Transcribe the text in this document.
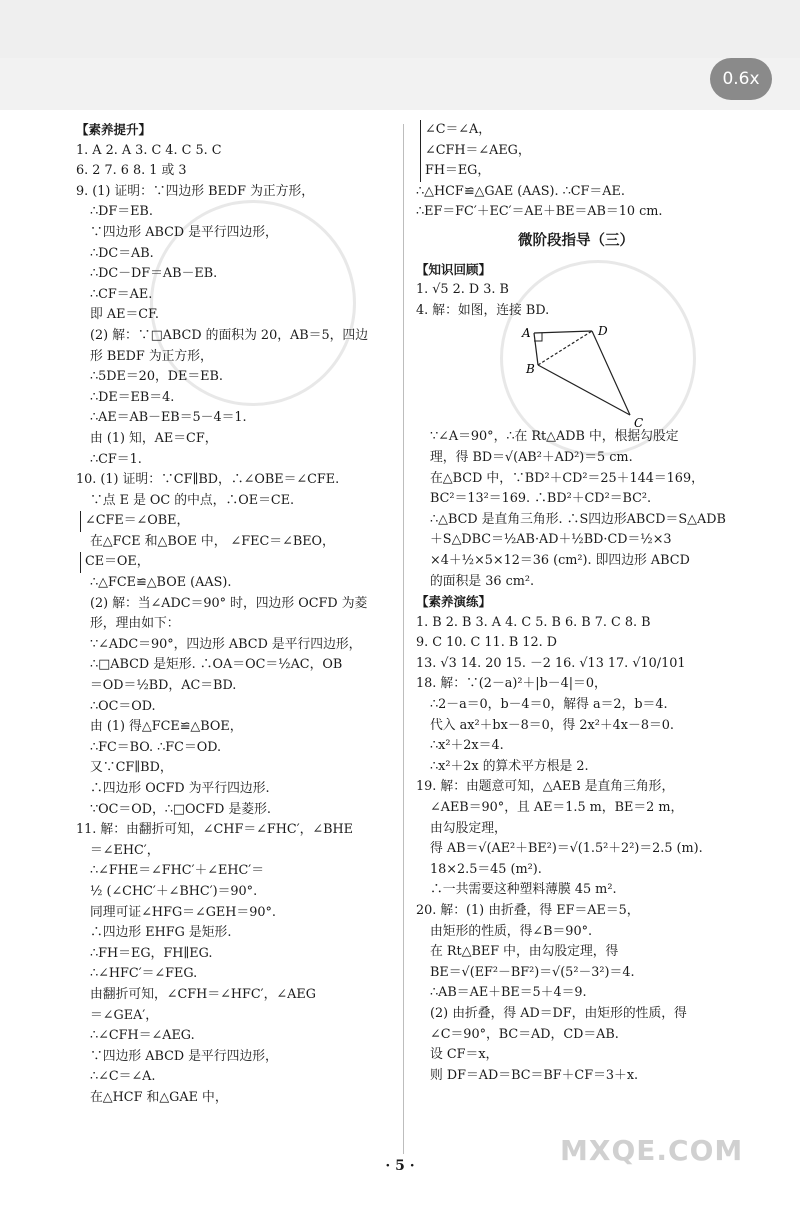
0.6x
【素养提升】
1. A 2. A 3. C 4. C 5. C
6. 2 7. 6 8. 1 或 3
9. (1) 证明：∵四边形 BEDF 为正方形，
∴DF＝EB.
∵四边形 ABCD 是平行四边形，
∴DC＝AB.
∴DC－DF＝AB－EB.
∴CF＝AE.
即 AE＝CF.
(2) 解：∵□ABCD 的面积为 20，AB＝5，四边
形 BEDF 为正方形，
∴5DE＝20，DE＝EB.
∴DE＝EB＝4.
∴AE＝AB－EB＝5－4＝1.
由 (1) 知，AE＝CF，
∴CF＝1.
10. (1) 证明：∵CF∥BD，∴∠OBE＝∠CFE.
∵点 E 是 OC 的中点，∴OE＝CE.
∠CFE＝∠OBE，
在△FCE 和△BOE 中， ∠FEC＝∠BEO，
CE＝OE，
∴△FCE≌△BOE (AAS).
(2) 解：当∠ADC＝90° 时，四边形 OCFD 为菱
形，理由如下：
∵∠ADC＝90°，四边形 ABCD 是平行四边形，
∴□ABCD 是矩形. ∴OA＝OC＝½AC，OB
＝OD＝½BD，AC＝BD.
∴OC＝OD.
由 (1) 得△FCE≌△BOE，
∴FC＝BO. ∴FC＝OD.
又∵CF∥BD，
∴四边形 OCFD 为平行四边形.
∵OC＝OD，∴□OCFD 是菱形.
11. 解：由翻折可知，∠CHF＝∠FHC′，∠BHE
＝∠EHC′，
∴∠FHE＝∠FHC′＋∠EHC′＝
½ (∠CHC′＋∠BHC′)＝90°.
同理可证∠HFG＝∠GEH＝90°.
∴四边形 EHFG 是矩形.
∴FH＝EG，FH∥EG.
∴∠HFC′＝∠FEG.
由翻折可知，∠CFH＝∠HFC′，∠AEG
＝∠GEA′，
∴∠CFH＝∠AEG.
∵四边形 ABCD 是平行四边形，
∴∠C＝∠A.
在△HCF 和△GAE 中，
∠C＝∠A，
∠CFH＝∠AEG，
FH＝EG，
∴△HCF≌△GAE (AAS). ∴CF＝AE.
∴EF＝FC′＋EC′＝AE＋BE＝AB＝10 cm.
微阶段指导（三）
【知识回顾】
1. √5 2. D 3. B
4. 解：如图，连接 BD.
A	D
B
C
∵∠A＝90°，∴在 Rt△ADB 中，根据勾股定
理，得 BD＝√(AB²＋AD²)＝5 cm.
在△BCD 中，∵BD²＋CD²＝25＋144＝169，
BC²＝13²＝169. ∴BD²＋CD²＝BC².
∴△BCD 是直角三角形. ∴S四边形ABCD＝S△ADB
＋S△DBC＝½AB·AD＋½BD·CD＝½×3
×4＋½×5×12＝36 (cm²). 即四边形 ABCD
的面积是 36 cm².
【素养演练】
1. B 2. B 3. A 4. C 5. B 6. B 7. C 8. B
9. C 10. C 11. B 12. D
13. √3 14. 20 15. －2 16. √13 17. √10/101
18. 解：∵(2－a)²＋|b－4|＝0，
∴2－a＝0，b－4＝0，解得 a＝2，b＝4.
代入 ax²＋bx－8＝0，得 2x²＋4x－8＝0.
∴x²＋2x＝4.
∴x²＋2x 的算术平方根是 2.
19. 解：由题意可知，△AEB 是直角三角形，
∠AEB＝90°，且 AE＝1.5 m，BE＝2 m，
由勾股定理，
得 AB＝√(AE²＋BE²)＝√(1.5²＋2²)＝2.5 (m).
18×2.5＝45 (m²).
∴一共需要这种塑料薄膜 45 m².
20. 解：(1) 由折叠，得 EF＝AE＝5，
由矩形的性质，得∠B＝90°.
在 Rt△BEF 中，由勾股定理，得
BE＝√(EF²－BF²)＝√(5²－3²)＝4.
∴AB＝AE＋BE＝5＋4＝9.
(2) 由折叠，得 AD＝DF，由矩形的性质，得
∠C＝90°，BC＝AD，CD＝AB.
设 CF＝x，
则 DF＝AD＝BC＝BF＋CF＝3＋x.
MXQE.COM
· 5 ·
